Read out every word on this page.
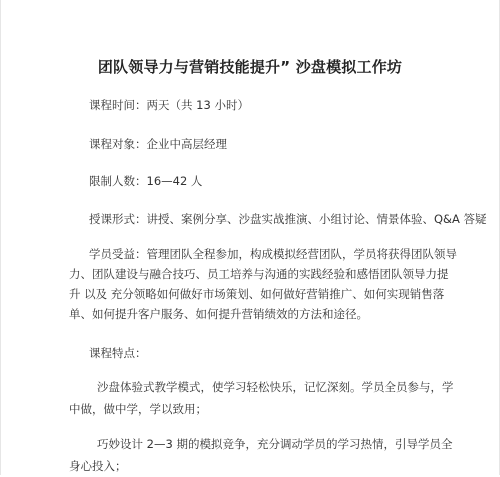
团队领导力与营销技能提升” 沙盘模拟工作坊
课程时间：两天（共 13 小时）
课程对象：企业中高层经理
限制人数：16—42 人
授课形式：讲授、案例分享、沙盘实战推演、小组讨论、情景体验、Q&A 答疑
学员受益：管理团队全程参加，构成模拟经营团队，学员将获得团队领导力、团队建设与融合技巧、员工培养与沟通的实践经验和感悟团队领导力提升 以及 充分领略如何做好市场策划、如何做好营销推广、如何实现销售落单、如何提升客户服务、如何提升营销绩效的方法和途径。
课程特点：
沙盘体验式教学模式，使学习轻松快乐，记忆深刻。学员全员参与，学中做，做中学，学以致用；
巧妙设计 2—3 期的模拟竞争，充分调动学员的学习热情，引导学员全身心投入；
